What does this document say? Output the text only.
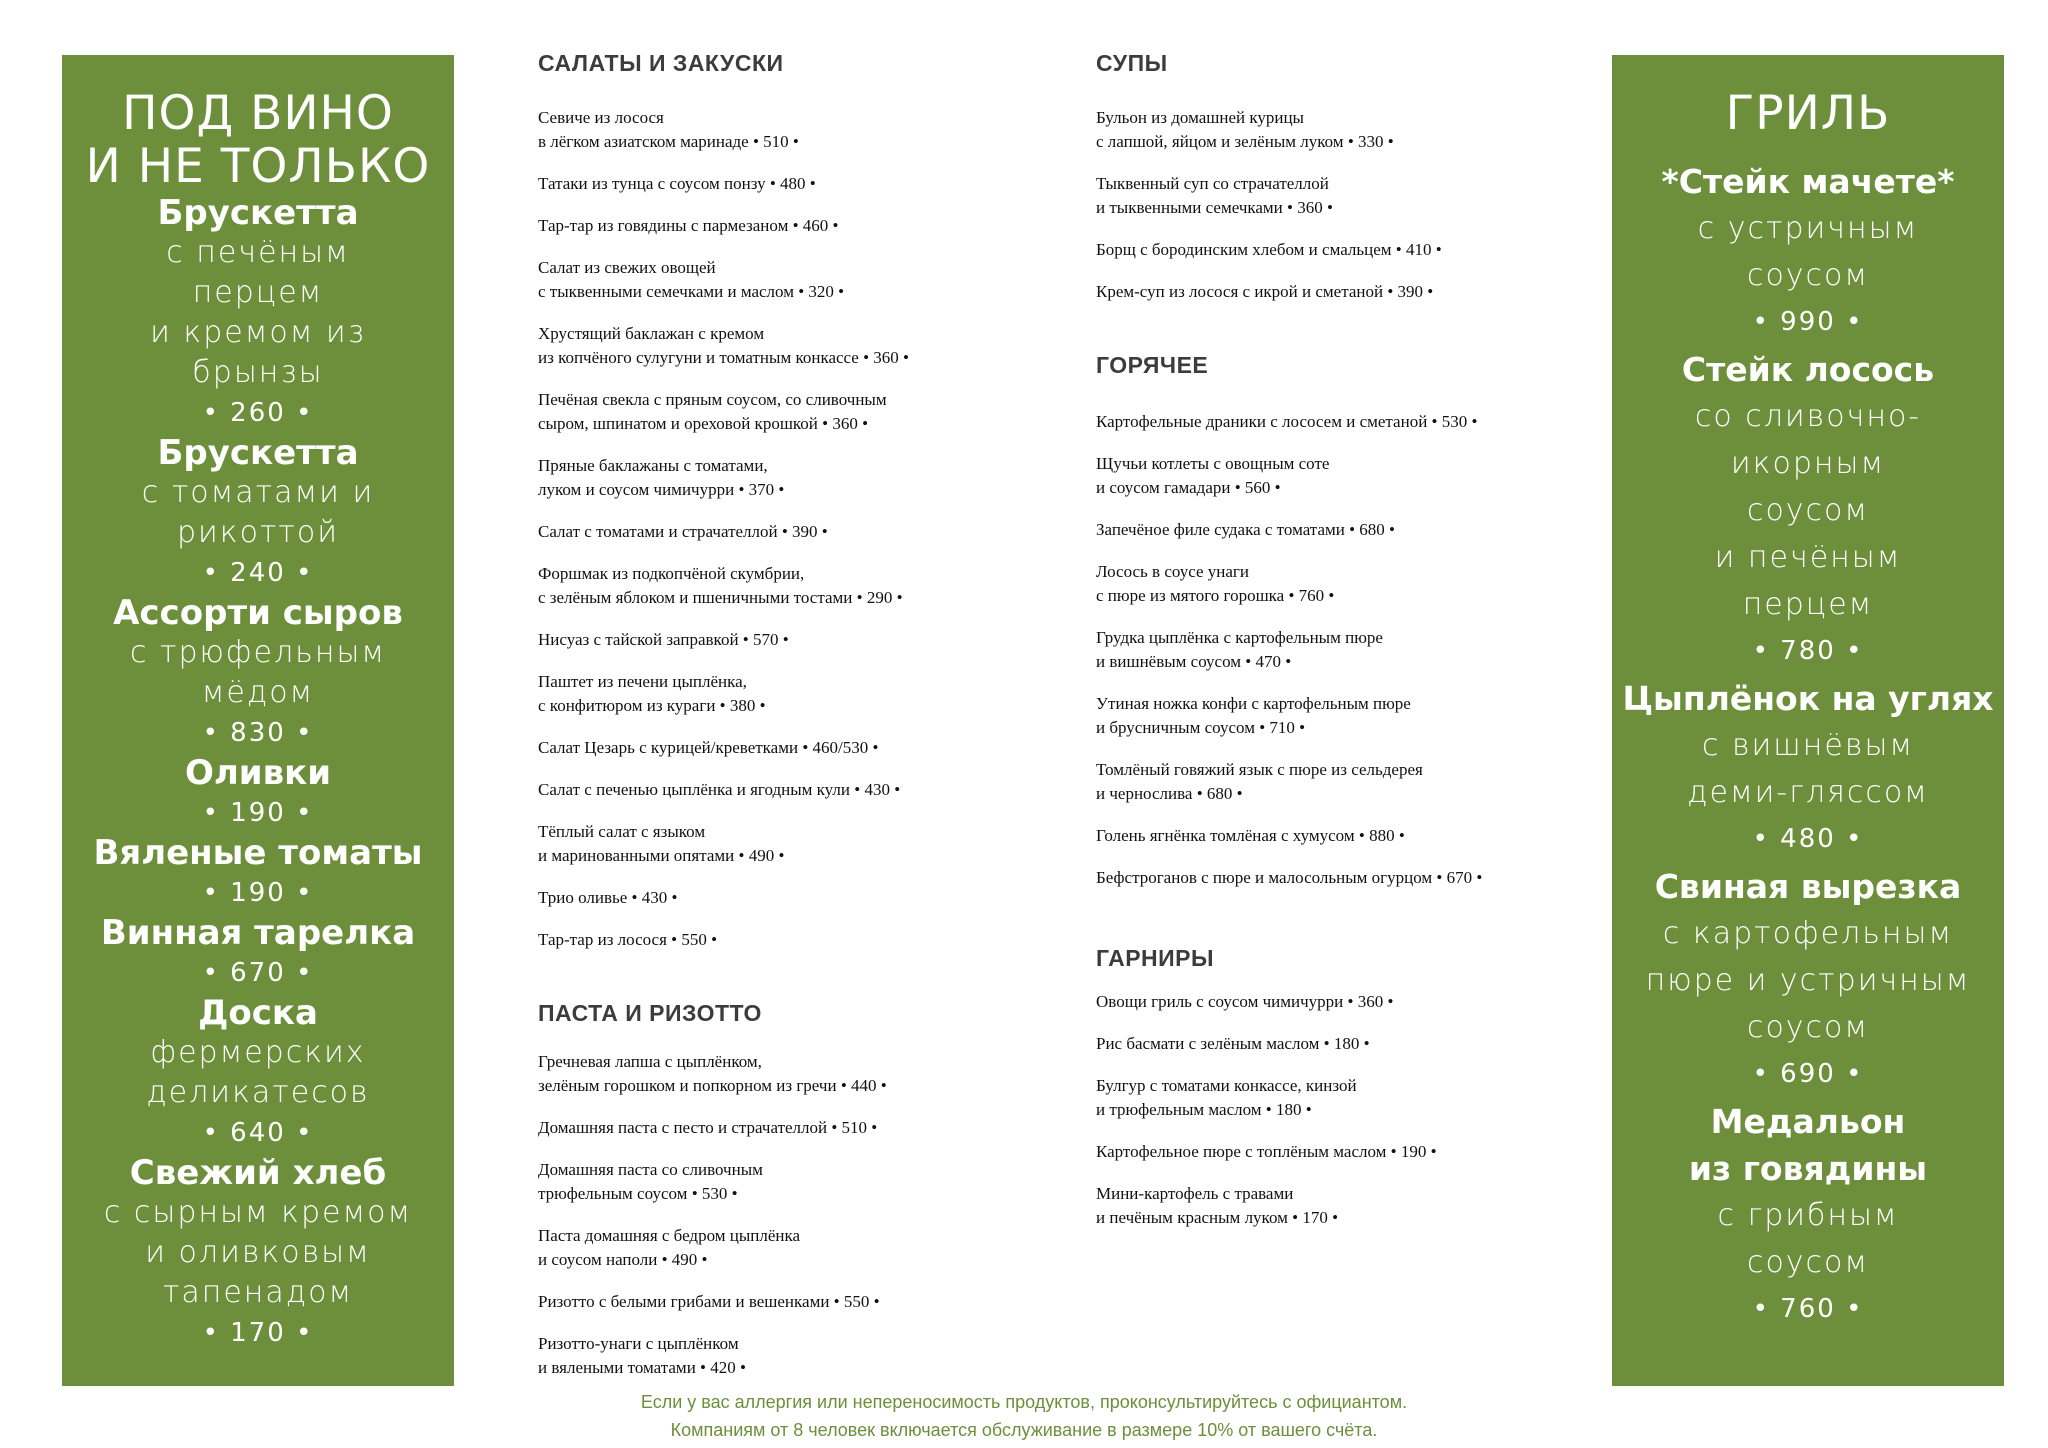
ПОД ВИНО
И НЕ ТОЛЬКО
Брускетта
с печёным
перцем
и кремом из
брынзы
• 260 •
Брускетта
с томатами и
рикоттой
• 240 •
Ассорти сыров
с трюфельным
мёдом
• 830 •
Оливки
• 190 •
Вяленые томаты
• 190 •
Винная тарелка
• 670 •
Доска
фермерских
деликатесов
• 640 •
Свежий хлеб
с сырным кремом
и оливковым
тапенадом
• 170 •
ГРИЛЬ
*Стейк мачете*
с устричным
соусом
• 990 •
Стейк лосось
со сливочно-
икорным
соусом
и печёным
перцем
• 780 •
Цыплёнок на углях
с вишнёвым
деми-гляссом
• 480 •
Свиная вырезка
с картофельным
пюре и устричным
соусом
• 690 •
Медальон
из говядины
с грибным
соусом
• 760 •
САЛАТЫ И ЗАКУСКИ
Севиче из лосося
в лёгком азиатском маринаде • 510 •
Татаки из тунца с соусом понзу • 480 •
Тар-тар из говядины с пармезаном • 460 •
Салат из свежих овощей
с тыквенными семечками и маслом • 320 •
Хрустящий баклажан с кремом
из копчёного сулугуни и томатным конкассе • 360 •
Печёная свекла с пряным соусом, со сливочным
сыром, шпинатом и ореховой крошкой • 360 •
Пряные баклажаны с томатами,
луком и соусом чимичурри • 370 •
Салат с томатами и страчателлой • 390 •
Форшмак из подкопчёной скумбрии,
с зелёным яблоком и пшеничными тостами • 290 •
Нисуаз с тайской заправкой • 570 •
Паштет из печени цыплёнка,
с конфитюром из кураги • 380 •
Салат Цезарь с курицей/креветками • 460/530 •
Салат с печенью цыплёнка и ягодным кули • 430 •
Тёплый салат с языком
и маринованными опятами • 490 •
Трио оливье • 430 •
Тар-тар из лосося • 550 •
ПАСТА И РИЗОТТО
Гречневая лапша с цыплёнком,
зелёным горошком и попкорном из гречи • 440 •
Домашняя паста с песто и страчателлой • 510 •
Домашняя паста со сливочным
трюфельным соусом • 530 •
Паста домашняя с бедром цыплёнка
и соусом наполи • 490 •
Ризотто с белыми грибами и вешенками • 550 •
Ризотто-унаги с цыплёнком
и вялеными томатами • 420 •
СУПЫ
Бульон из домашней курицы
с лапшой, яйцом и зелёным луком • 330 •
Тыквенный суп со страчателлой
и тыквенными семечками • 360 •
Борщ с бородинским хлебом и смальцем • 410 •
Крем-суп из лосося с икрой и сметаной • 390 •
ГОРЯЧЕЕ
Картофельные драники с лососем и сметаной • 530 •
Щучьи котлеты с овощным соте
и соусом гамадари • 560 •
Запечёное филе судака с томатами • 680 •
Лосось в соусе унаги
с пюре из мятого горошка • 760 •
Грудка цыплёнка с картофельным пюре
и вишнёвым соусом • 470 •
Утиная ножка конфи с картофельным пюре
и брусничным соусом • 710 •
Томлёный говяжий язык с пюре из сельдерея
и чернослива • 680 •
Голень ягнёнка томлёная с хумусом • 880 •
Бефстроганов с пюре и малосольным огурцом • 670 •
ГАРНИРЫ
Овощи гриль с соусом чимичурри • 360 •
Рис басмати с зелёным маслом • 180 •
Булгур с томатами конкассе, кинзой
и трюфельным маслом • 180 •
Картофельное пюре с топлёным маслом • 190 •
Мини-картофель с травами
и печёным красным луком • 170 •
Если у вас аллергия или непереносимость продуктов, проконсультируйтесь с официантом.
Компаниям от 8 человек включается обслуживание в размере 10% от вашего счёта.
